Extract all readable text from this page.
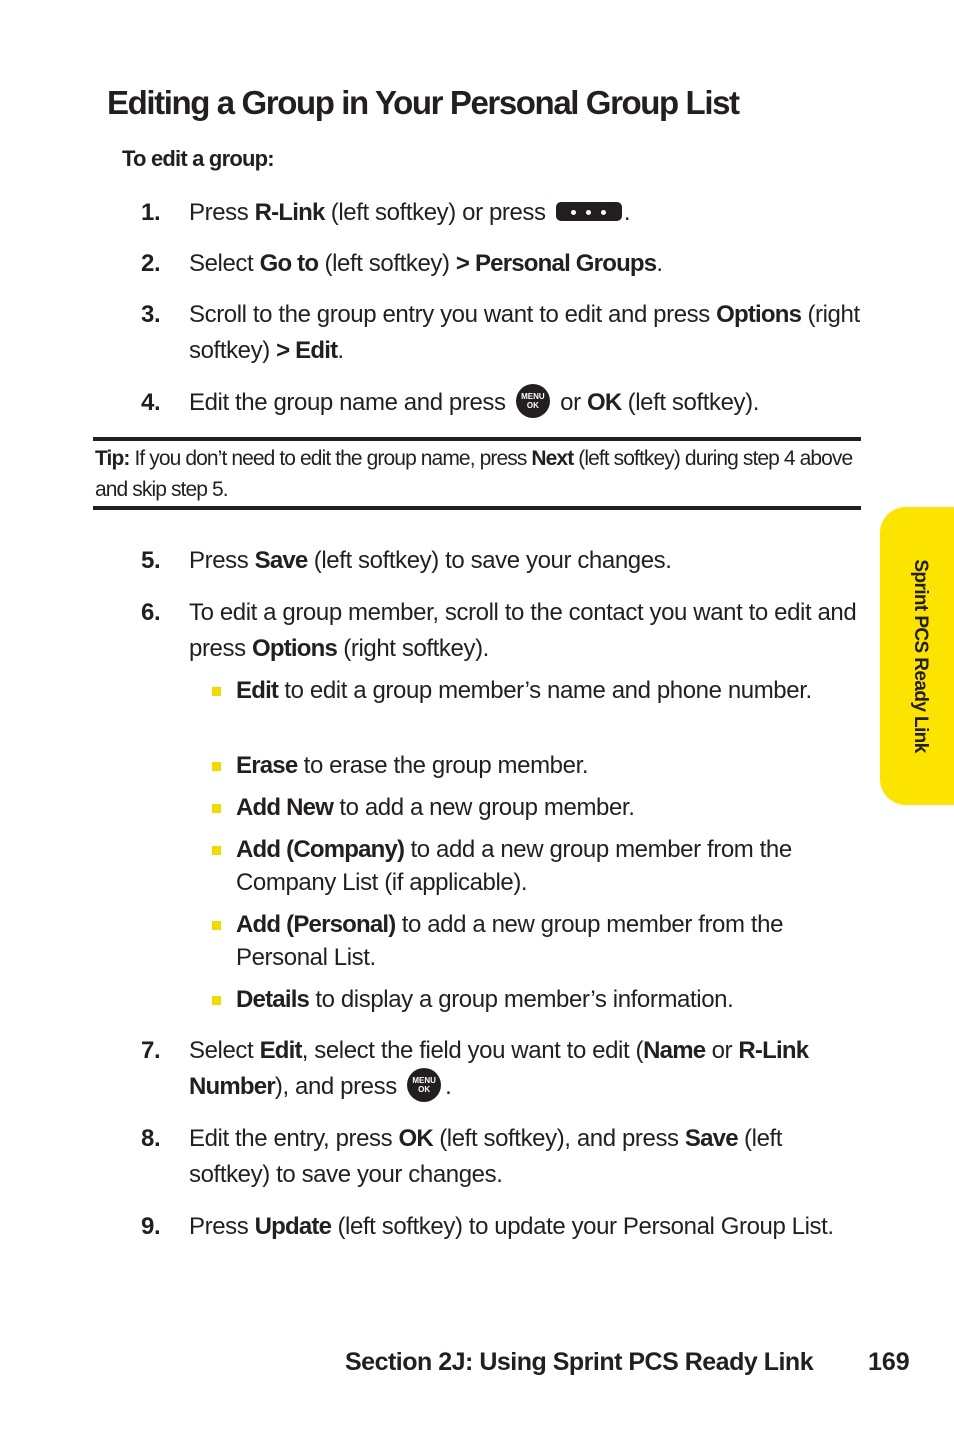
Editing a Group in Your Personal Group List
To edit a group:
1. Press R-Link (left softkey) or press	.
2. Select Go to (left softkey) > Personal Groups.
3. Scroll to the group entry you want to edit and press Options (right softkey) > Edit.
4. Edit the group name and press MENU
OK or OK (left softkey).
Tip: If you don’t need to edit the group name, press Next (left softkey) during step 4 above and skip step 5.
5. Press Save (left softkey) to save your changes.
6. To edit a group member, scroll to the contact you want to edit and press Options (right softkey).
Edit to edit a group member’s name and phone number.
Erase to erase the group member.
Add New to add a new group member.
Add (Company) to add a new group member from the Company List (if applicable).
Add (Personal) to add a new group member from the Personal List.
Details to display a group member’s information.
7. Select Edit, select the field you want to edit (Name or R-Link Number), and press MENU
OK .
8. Edit the entry, press OK (left softkey), and press Save (left softkey) to save your changes.
9. Press Update (left softkey) to update your Personal Group List.
Sprint PCS Ready Link
Section 2J: Using Sprint PCS Ready Link 169
